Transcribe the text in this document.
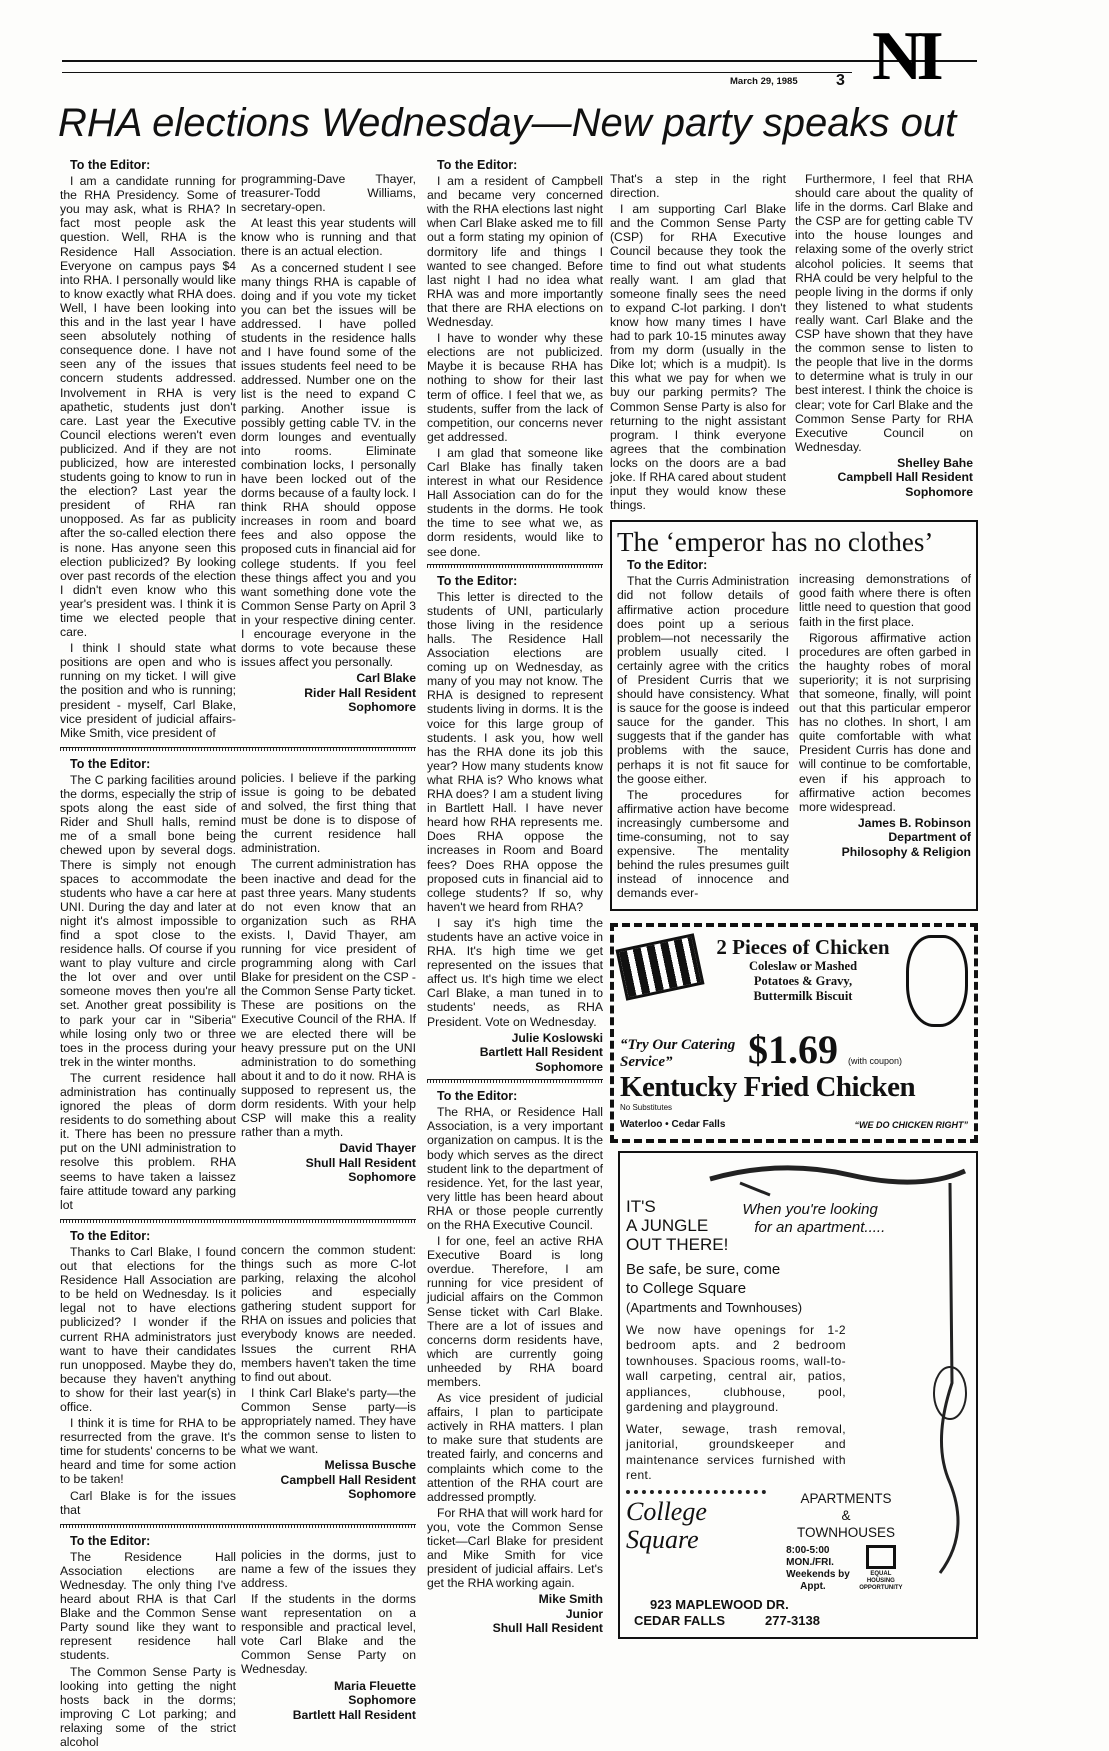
March 29, 1985 3 NI
RHA elections Wednesday—New party speaks out

To the Editor:

I am a candidate running for the RHA Presidency. Some of you may ask, what is RHA? In fact most people ask the question. Well, RHA is the Residence Hall Association. Everyone on campus pays $4 into RHA. I personally would like to know exactly what RHA does. Well, I have been looking into this and in the last year I have seen absolutely nothing of consequence done. I have not seen any of the issues that concern students addressed. Involvement in RHA is very apathetic, students just don't care. Last year the Executive Council elections weren't even publicized. And if they are not publicized, how are interested students going to know to run in the election? Last year the president of RHA ran unopposed. As far as publicity after the so-called election there is none. Has anyone seen this election publicized? By looking over past records of the election I didn't even know who this year's president was. I think it is time we elected people that care.

I think I should state what positions are open and who is running on my ticket. I will give the position and who is running; president - myself, Carl Blake, vice president of judicial affairs-Mike Smith, vice president of

programming-Dave Thayer, treasurer-Todd Williams, secretary-open.

At least this year students will know who is running and that there is an actual election.

As a concerned student I see many things RHA is capable of doing and if you vote my ticket you can bet the issues will be addressed. I have polled students in the residence halls and I have found some of the issues students feel need to be addressed. Number one on the list is the need to expand C parking. Another issue is possibly getting cable TV. in the dorm lounges and eventually into rooms. Eliminate combination locks, I personally have been locked out of the dorms because of a faulty lock. I think RHA should oppose increases in room and board fees and also oppose the proposed cuts in financial aid for college students. If you feel these things affect you and you want something done vote the Common Sense Party on April 3 in your respective dining center. I encourage everyone in the dorms to vote because these issues affect you personally.

Carl Blake
Rider Hall Resident
Sophomore

To the Editor:

The C parking facilities around the dorms, especially the strip of spots along the east side of Rider and Shull halls, remind me of a small bone being chewed upon by several dogs. There is simply not enough spaces to accommodate the students who have a car here at UNI. During the day and later at night it's almost impossible to find a spot close to the residence halls. Of course if you want to play vulture and circle the lot over and over until someone moves then you're all set. Another great possibility is to park your car in "Siberia" while losing only two or three toes in the process during your trek in the winter months.

The current residence hall administration has continually ignored the pleas of dorm residents to do something about it. There has been no pressure put on the UNI administration to resolve this problem. RHA seems to have taken a laissez faire attitude toward any parking lot

policies. I believe if the parking issue is going to be debated and solved, the first thing that must be done is to dispose of the current residence hall administration.

The current administration has been inactive and dead for the past three years. Many students do not even know that an organization such as RHA exists. I, David Thayer, am running for vice president of programming along with Carl Blake for president on the CSP - the Common Sense Party ticket. These are positions on the Executive Council of the RHA. If we are elected there will be heavy pressure put on the UNI administration to do something about it and to do it now. RHA is supposed to represent us, the dorm residents. With your help CSP will make this a reality rather than a myth.

David Thayer
Shull Hall Resident
Sophomore

To the Editor:

Thanks to Carl Blake, I found out that elections for the Residence Hall Association are to be held on Wednesday. Is it legal not to have elections publicized? I wonder if the current RHA administrators just want to have their candidates run unopposed. Maybe they do, because they haven't anything to show for their last year(s) in office.

I think it is time for RHA to be resurrected from the grave. It's time for students' concerns to be heard and time for some action to be taken!

Carl Blake is for the issues that

concern the common student: things such as more C-lot parking, relaxing the alcohol policies and especially gathering student support for RHA on issues and policies that everybody knows are needed. Issues the current RHA members haven't taken the time to find out about.

I think Carl Blake's party—the Common Sense party—is appropriately named. They have the common sense to listen to what we want.

Melissa Busche
Campbell Hall Resident
Sophomore

To the Editor:

The Residence Hall Association elections are Wednesday. The only thing I've heard about RHA is that Carl Blake and the Common Sense Party sound like they want to represent residence hall students.

The Common Sense Party is looking into getting the night hosts back in the dorms; improving C Lot parking; and relaxing some of the strict alcohol

policies in the dorms, just to name a few of the issues they address.

If the students in the dorms want representation on a responsible and practical level, vote Carl Blake and the Common Sense Party on Wednesday.

Maria Fleuette
Sophomore
Bartlett Hall Resident

To the Editor:

I am a resident of Campbell and became very concerned with the RHA elections last night when Carl Blake asked me to fill out a form stating my opinion of dormitory life and things I wanted to see changed. Before last night I had no idea what RHA was and more importantly that there are RHA elections on Wednesday.

I have to wonder why these elections are not publicized. Maybe it is because RHA has nothing to show for their last term of office. I feel that we, as students, suffer from the lack of competition, our concerns never get addressed.

I am glad that someone like Carl Blake has finally taken interest in what our Residence Hall Association can do for the students in the dorms. He took the time to see what we, as dorm residents, would like to see done.

To the Editor:

This letter is directed to the students of UNI, particularly those living in the residence halls. The Residence Hall Association elections are coming up on Wednesday, as many of you may not know. The RHA is designed to represent students living in dorms. It is the voice for this large group of students. I ask you, how well has the RHA done its job this year? How many students know what RHA is? Who knows what RHA does? I am a student living in Bartlett Hall. I have never heard how RHA represents me. Does RHA oppose the increases in Room and Board fees? Does RHA oppose the proposed cuts in financial aid to college students? If so, why haven't we heard from RHA?

I say it's high time the students have an active voice in RHA. It's high time we get represented on the issues that affect us. It's high time we elect Carl Blake, a man tuned in to students' needs, as RHA President. Vote on Wednesday.

Julie Koslowski
Bartlett Hall Resident
Sophomore

To the Editor:

The RHA, or Residence Hall Association, is a very important organization on campus. It is the body which serves as the direct student link to the department of residence. Yet, for the last year, very little has been heard about RHA or those people currently on the RHA Executive Council.

I for one, feel an active RHA Executive Board is long overdue. Therefore, I am running for vice president of judicial affairs on the Common Sense ticket with Carl Blake. There are a lot of issues and concerns dorm residents have, which are currently going unheeded by RHA board members.

As vice president of judicial affairs, I plan to participate actively in RHA matters. I plan to make sure that students are treated fairly, and concerns and complaints which come to the attention of the RHA court are addressed promptly.

For RHA that will work hard for you, vote the Common Sense ticket—Carl Blake for president and Mike Smith for vice president of judicial affairs. Let's get the RHA working again.

Mike Smith
Junior
Shull Hall Resident

That's a step in the right direction.

I am supporting Carl Blake and the Common Sense Party (CSP) for RHA Executive Council because they took the time to find out what students really want. I am glad that someone finally sees the need to expand C-lot parking. I don't know how many times I have had to park 10-15 minutes away from my dorm (usually in the Dike lot; which is a mudpit). Is this what we pay for when we buy our parking permits? The Common Sense Party is also for returning to the night assistant program. I think everyone agrees that the combination locks on the doors are a bad joke. If RHA cared about student input they would know these things.

Furthermore, I feel that RHA should care about the quality of life in the dorms. Carl Blake and the CSP are for getting cable TV into the house lounges and relaxing some of the overly strict alcohol policies. It seems that RHA could be very helpful to the people living in the dorms if only they listened to what students really want. Carl Blake and the CSP have shown that they have the common sense to listen to the people that live in the dorms to determine what is truly in our best interest. I think the choice is clear; vote for Carl Blake and the Common Sense Party for RHA Executive Council on Wednesday.

Shelley Bahe
Campbell Hall Resident
Sophomore
The ‘emperor has no clothes’

To the Editor:

That the Curris Administration did not follow details of affirmative action procedure does point up a serious problem—not necessarily the problem usually cited. I certainly agree with the critics of President Curris that we should have consistency. What is sauce for the goose is indeed sauce for the gander. This suggests that if the gander has problems with the sauce, perhaps it is not fit sauce for the goose either.

The procedures for affirmative action have become increasingly cumbersome and time-consuming, not to say expensive. The mentality behind the rules presumes guilt instead of innocence and demands ever-

increasing demonstrations of good faith where there is often little need to question that good faith in the first place.

Rigorous affirmative action procedures are often garbed in the haughty robes of moral superiority; it is not surprising that someone, finally, will point out that this particular emperor has no clothes. In short, I am quite comfortable with what President Curris has done and will continue to be comfortable, even if his approach to affirmative action becomes more widespread.

James B. Robinson
Department of
Philosophy & Religion
2 Pieces of Chicken
Coleslaw or Mashed
Potatoes & Gravy,
Buttermilk Biscuit
“Try Our Catering Service”	$1.69 (with coupon)
Kentucky Fried Chicken
No Substitutes
Waterloo • Cedar Falls	“WE DO CHICKEN RIGHT”
IT'S
A JUNGLE
OUT THERE!
When you're looking
for an apartment.....
Be safe, be sure, come
to College Square
(Apartments and Townhouses)
We now have openings for 1-2 bedroom apts. and 2 bedroom townhouses. Spacious rooms, wall-to-wall carpeting, central air, patios, appliances, clubhouse, pool, gardening and playground.
Water, sewage, trash removal, janitorial, groundskeeper and maintenance services furnished with rent.
College Square
APARTMENTS
&
TOWNHOUSES
8:00-5:00
MON./FRI.
Weekends by
Appt.
EQUAL HOUSING OPPORTUNITY
923 MAPLEWOOD DR.
CEDAR FALLS	277-3138
